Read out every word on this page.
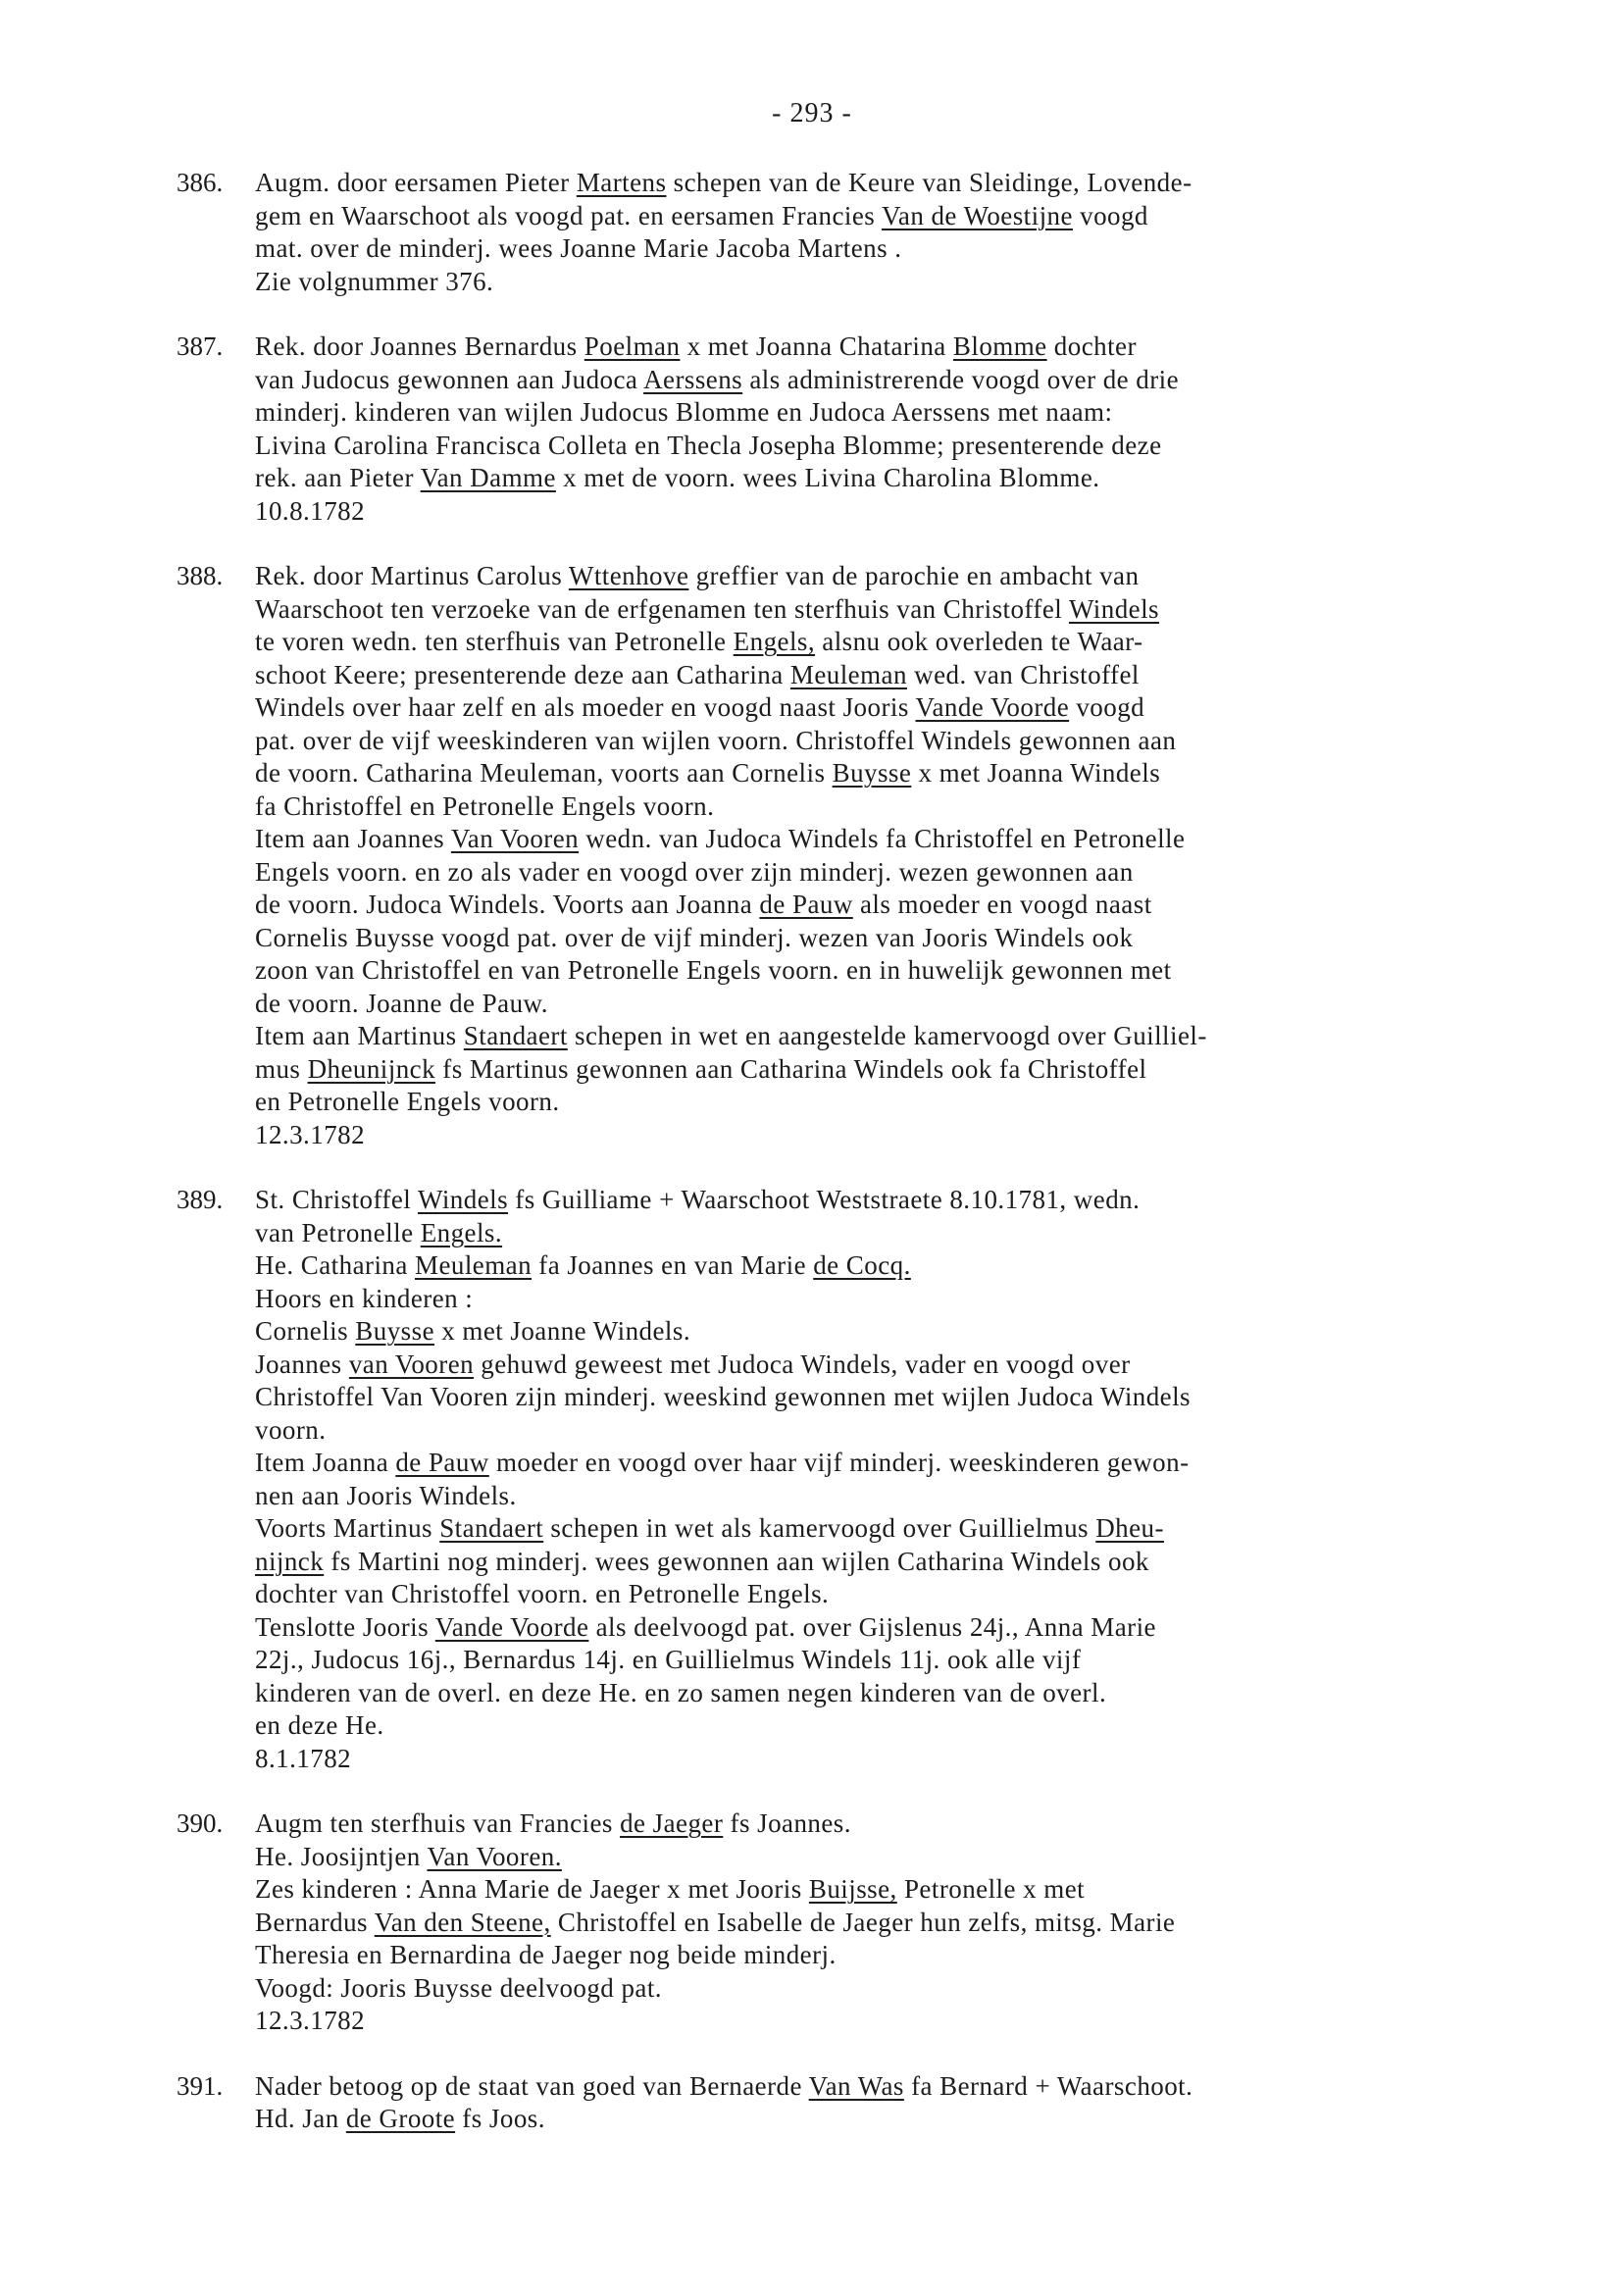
- 293 -
386.	Augm. door eersamen Pieter Martens schepen van de Keure van Sleidinge, Lovende-
gem en Waarschoot als voogd pat. en eersamen Francies Van de Woestijne voogd
mat. over de minderj. wees Joanne Marie Jacoba Martens .
Zie volgnummer 376.
387.	Rek. door Joannes Bernardus Poelman x met Joanna Chatarina Blomme dochter
van Judocus gewonnen aan Judoca Aerssens als administrerende voogd over de drie
minderj. kinderen van wijlen Judocus Blomme en Judoca Aerssens met naam:
Livina Carolina Francisca Colleta en Thecla Josepha Blomme; presenterende deze
rek. aan Pieter Van Damme x met de voorn. wees Livina Charolina Blomme.
10.8.1782
388.	Rek. door Martinus Carolus Wttenhove greffier van de parochie en ambacht van
Waarschoot ten verzoeke van de erfgenamen ten sterfhuis van Christoffel Windels
te voren wedn. ten sterfhuis van Petronelle Engels, alsnu ook overleden te Waar-
schoot Keere; presenterende deze aan Catharina Meuleman wed. van Christoffel
Windels over haar zelf en als moeder en voogd naast Jooris Vande Voorde voogd
pat. over de vijf weeskinderen van wijlen voorn. Christoffel Windels gewonnen aan
de voorn. Catharina Meuleman, voorts aan Cornelis Buysse x met Joanna Windels
fa Christoffel en Petronelle Engels voorn.
Item aan Joannes Van Vooren wedn. van Judoca Windels fa Christoffel en Petronelle
Engels voorn. en zo als vader en voogd over zijn minderj. wezen gewonnen aan
de voorn. Judoca Windels. Voorts aan Joanna de Pauw als moeder en voogd naast
Cornelis Buysse voogd pat. over de vijf minderj. wezen van Jooris Windels ook
zoon van Christoffel en van Petronelle Engels voorn. en in huwelijk gewonnen met
de voorn. Joanne de Pauw.
Item aan Martinus Standaert schepen in wet en aangestelde kamervoogd over Guilliel-
mus Dheunijnck fs Martinus gewonnen aan Catharina Windels ook fa Christoffel
en Petronelle Engels voorn.
12.3.1782
389.	St. Christoffel Windels fs Guilliame + Waarschoot Weststraete 8.10.1781, wedn.
van Petronelle Engels.
He. Catharina Meuleman fa Joannes en van Marie de Cocq.
Hoors en kinderen :
Cornelis Buysse x met Joanne Windels.
Joannes van Vooren gehuwd geweest met Judoca Windels, vader en voogd over
Christoffel Van Vooren zijn minderj. weeskind gewonnen met wijlen Judoca Windels
voorn.
Item Joanna de Pauw moeder en voogd over haar vijf minderj. weeskinderen gewon-
nen aan Jooris Windels.
Voorts Martinus Standaert schepen in wet als kamervoogd over Guillielmus Dheu-
nijnck fs Martini nog minderj. wees gewonnen aan wijlen Catharina Windels ook
dochter van Christoffel voorn. en Petronelle Engels.
Tenslotte Jooris Vande Voorde als deelvoogd pat. over Gijslenus 24j., Anna Marie
22j., Judocus 16j., Bernardus 14j. en Guillielmus Windels 11j. ook alle vijf
kinderen van de overl. en deze He. en zo samen negen kinderen van de overl.
en deze He.
8.1.1782
390.	Augm ten sterfhuis van Francies de Jaeger fs Joannes.
He. Joosijntjen Van Vooren.
Zes kinderen : Anna Marie de Jaeger x met Jooris Buijsse, Petronelle x met
Bernardus Van den Steene, Christoffel en Isabelle de Jaeger hun zelfs, mitsg. Marie
Theresia en Bernardina de Jaeger nog beide minderj.
Voogd: Jooris Buysse deelvoogd pat.
12.3.1782
391.	Nader betoog op de staat van goed van Bernaerde Van Was fa Bernard + Waarschoot.
Hd. Jan de Groote fs Joos.
